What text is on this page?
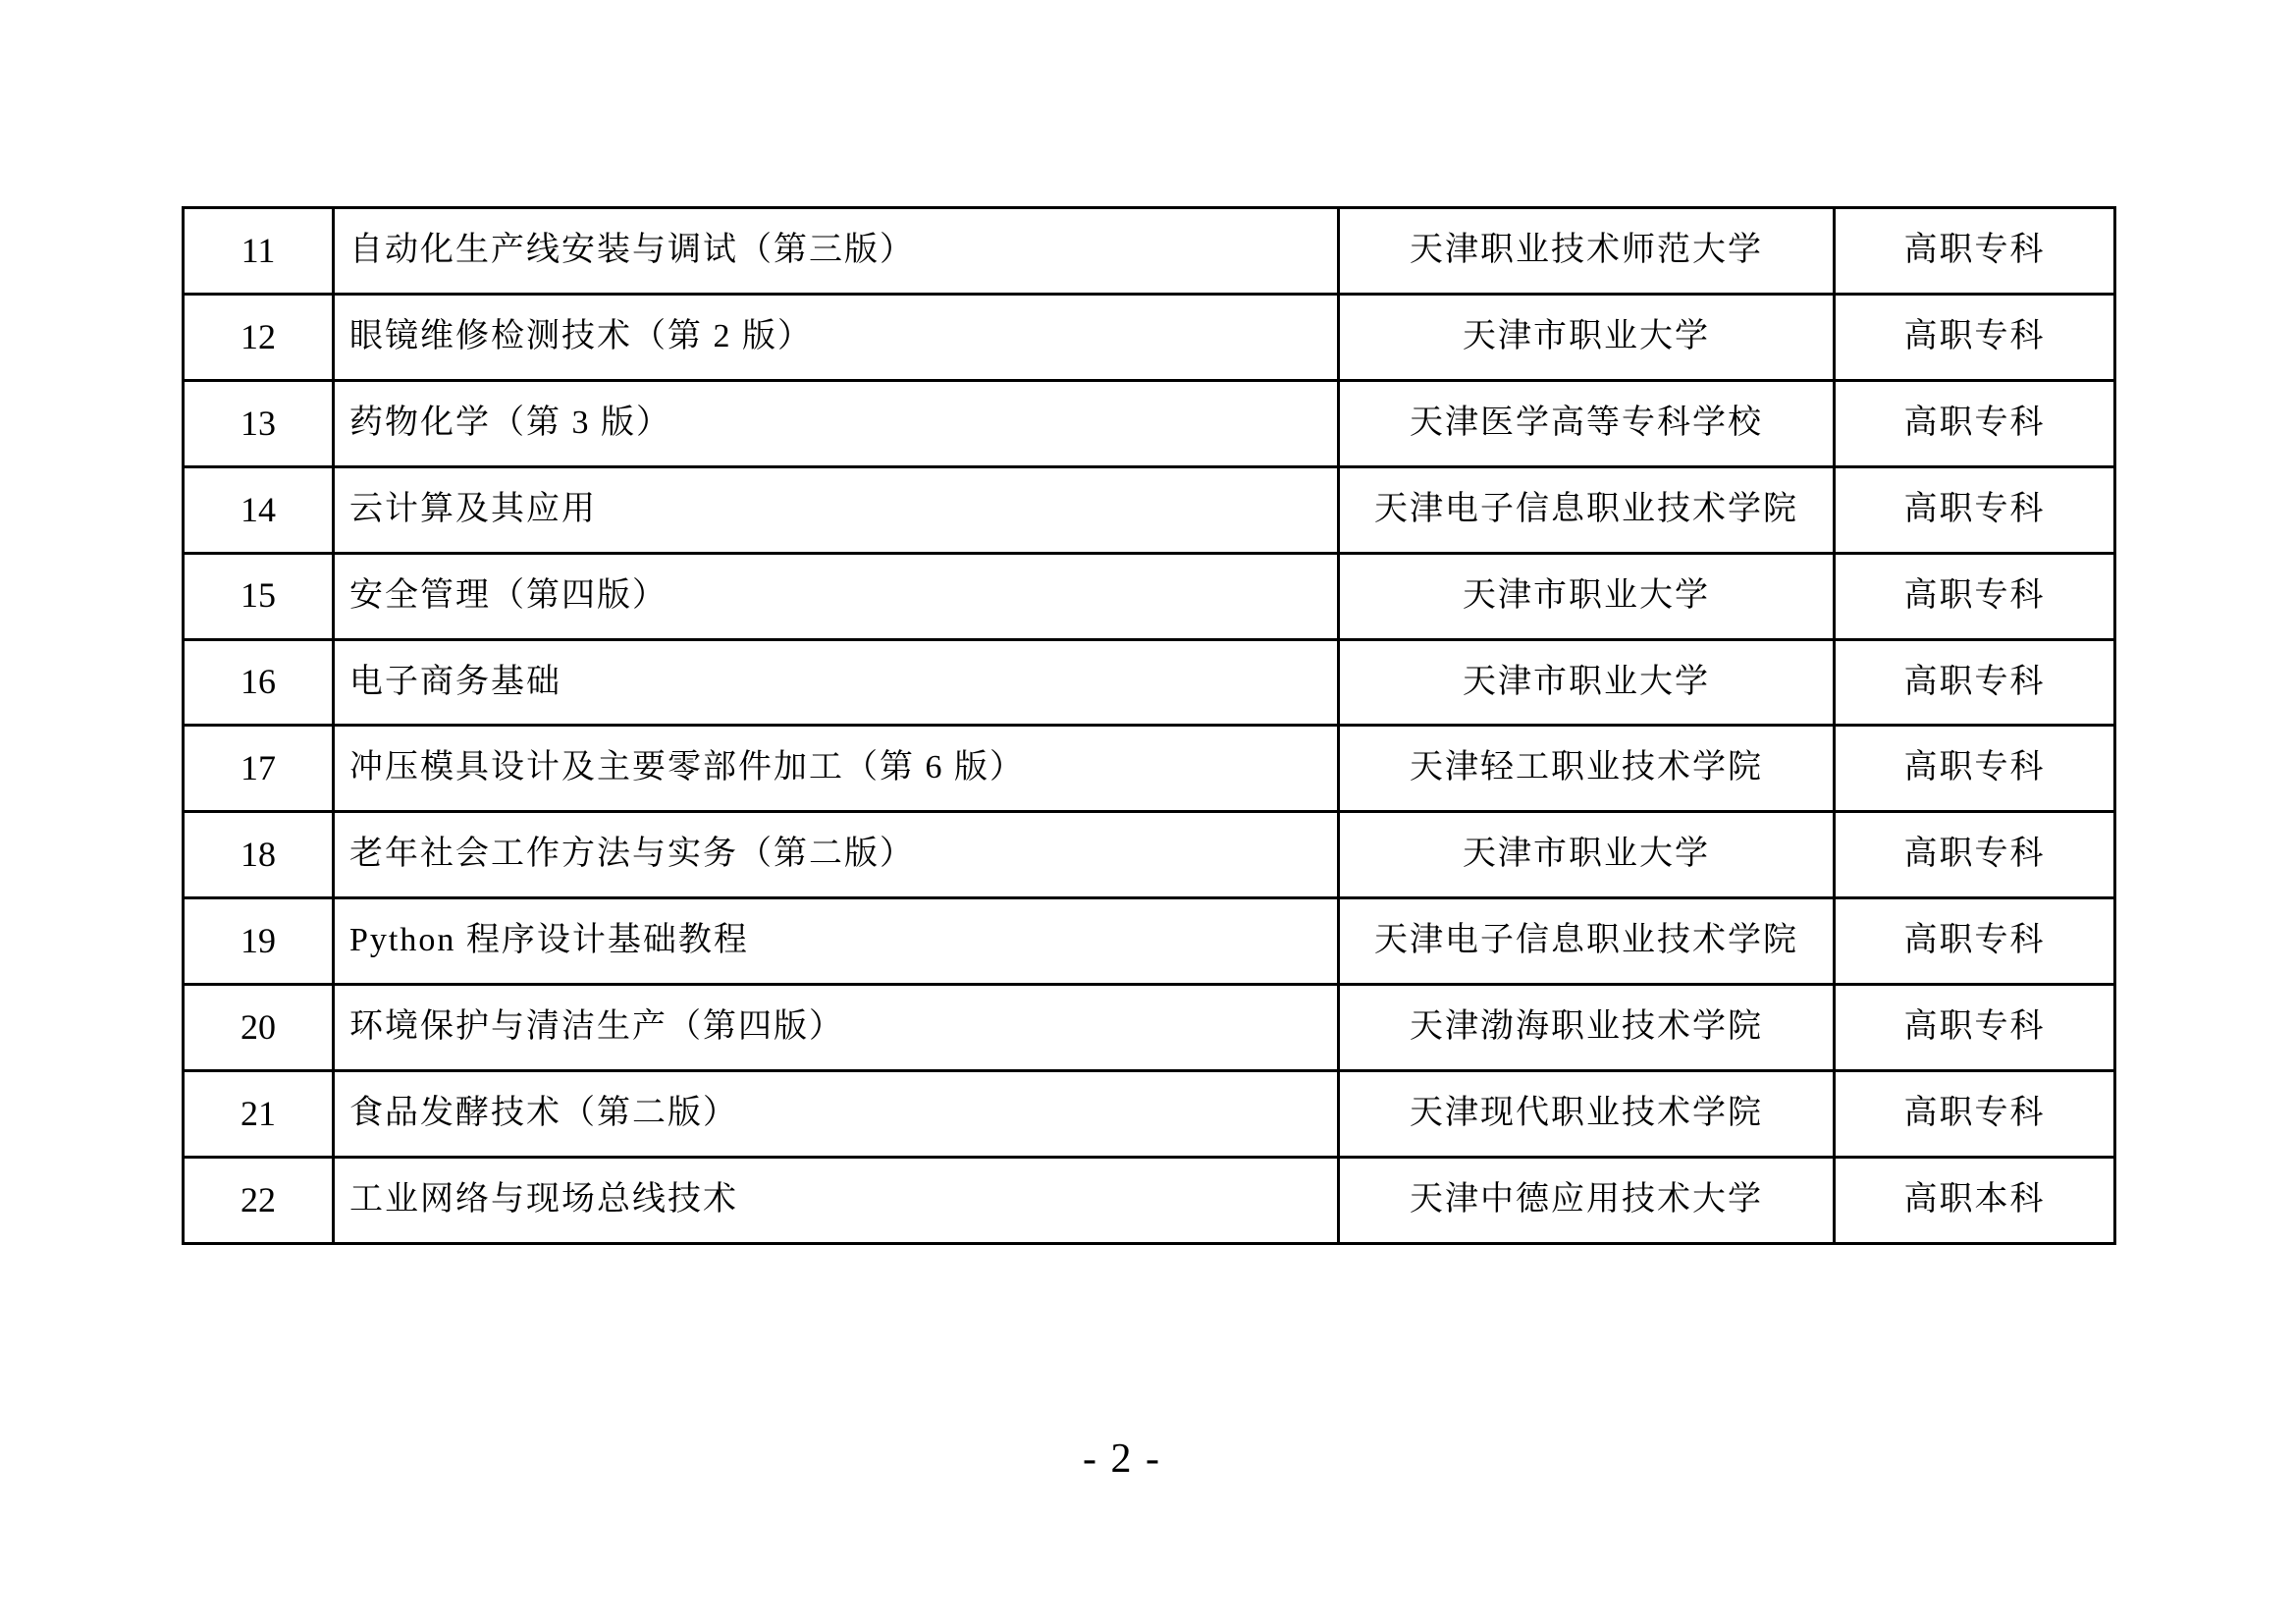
11	自动化生产线安装与调试（第三版）	天津职业技术师范大学	高职专科
12	眼镜维修检测技术（第 2 版）	天津市职业大学	高职专科
13	药物化学（第 3 版）	天津医学高等专科学校	高职专科
14	云计算及其应用	天津电子信息职业技术学院	高职专科
15	安全管理（第四版）	天津市职业大学	高职专科
16	电子商务基础	天津市职业大学	高职专科
17	冲压模具设计及主要零部件加工（第 6 版）	天津轻工职业技术学院	高职专科
18	老年社会工作方法与实务（第二版）	天津市职业大学	高职专科
19	Python 程序设计基础教程	天津电子信息职业技术学院	高职专科
20	环境保护与清洁生产（第四版）	天津渤海职业技术学院	高职专科
21	食品发酵技术（第二版）	天津现代职业技术学院	高职专科
22	工业网络与现场总线技术	天津中德应用技术大学	高职本科
- 2 -
